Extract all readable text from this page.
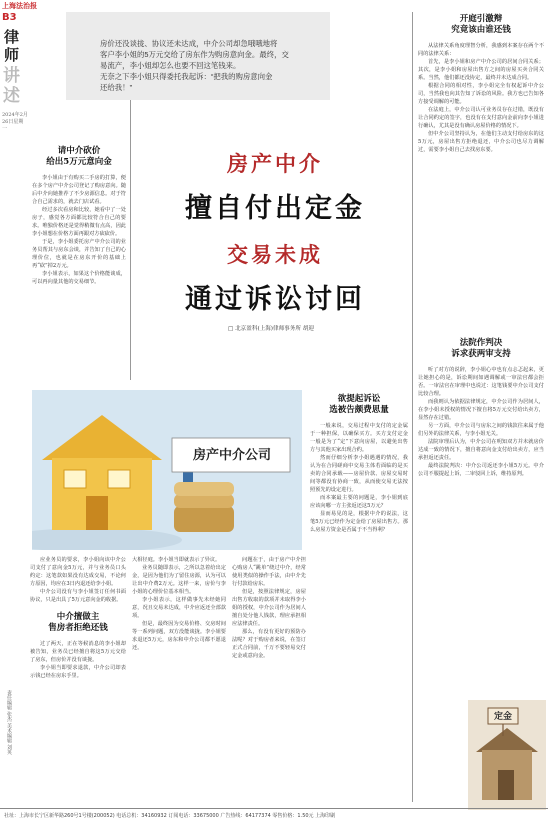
上海法治报
B3
律师
讲述
2024年2月26日星期一
房价还没谈拢、协议还未达成，中介公司却急哦哦地将
客户李小姐的5万元交给了房东作为购房意向金。最终，交
易流产，李小姐却怎么也要不回这笔钱来。
无奈之下李小姐只得委托我起诉：“把我的购房意向金
还给我！”
房产中介
擅自付出定金
交易未成
通过诉讼讨回
□ 北京盈科(上海)律师事务所 胡迎
请中介砍价
给出5万元意向金
李小姐由于有购买二手房的打算，便在多个房产中介公司登记了购房意向。随后中介向她推荐了不少房源信息。对于符合自己需求的，就去门店试看。
经过多次看房和比较，她看中了一处房子，感觉各方面都比较符合自己的要求。唯独价格还是觉得稍微有点高，因此李小姐想在价格方面再跟对方砍砍价。
于是，李小姐委托房产中介公司的业务员帮其与房东会谈，并告知了自己的心理价位，也就是在房东开价的基础上再“砍”掉2万元。
李小姐表示，如果这个价格能谈成，可以再向量其他的交易细节。
房产中介公司
欲提起诉讼
选被告颇费思量
一般来说，交易过程中支付的定金属于一种担保，以确保买方。买方支付定金一般是为了“定”下意向房屋，以避免出售方与其他买家出现合约。
然而仔细分析李小姐遇遇的情况，我认为在合同磋商中交易主体若面临的是买卖的合同承载——房屋价款、房屋交易时间等都没有协商一致，从而使交易无法按照预先的设定进行。
而本案最主要的问题是，李小姐到底应该向哪一方主张返还这5万元？
显而易见的是，根据中介的说法，这笔5万元已经作为定金给了房屋出售方。那么房屋方资金是否属于不当得利？
开庭引激辩
究竟该由谁还钱
从法律关系角度理智分析，我感到本案存在两个不同的法律关系：
首先，是李小姐和房产中介公司的居间合同关系；其次，是李小姐和房屋出售方之间的房屋买卖合同关系。当然，他们都还没协定，最终并未达成合同。
根据合同的相对性，李小姐完全有权起诉中介公司，当然我也向其告知了诉讼的风险。我方也已告知各方接受调解的可能。
在法庭上，中介公司认可业务员存在过错，既没有让合同约定的签字，也没有在支付意向金前向李小姐进行确认，尤其是没有确认房屋价格的情况下。
但中介公司坚持认为，在他们主动支付给房东的这5万元，房屋出售方拒绝退还，中介公司也尽力调解过，需要李小姐自己去找房东要。
法院作判决
诉求获两审支持
听了对方的说辞，李小姐心中也有点忐忑起来，更让她担心的是，诉讼期间如遇调解或一审法官都会拒否。一审法官在审理中也说过：这笔钱要中介公司支付比较合理。
而我则认为依据法律规定，中介公司作为居间人，在李小姐未授权的情况下擅自将5万元交付给出卖方，显然存在过错。
另一方面，中介公司与房东之间的钱款往来属于他们另外的法律关系，与李小姐无关。
法院审理后认为，中介公司在明知双方并未就房价达成一致的情况下，擅自将意向金支付给出卖方，应当承担返还责任。
最终法院判决：中介公司返还李小姐5万元。中介公司不服提起上诉，二审驳回上诉，维持原判。
应业务员的要求，李小姐向该中介公司支付了意向金5万元，并与业务员口头约定：这笔款如果没有达成交易，不论何方原因，均应在3日内退还给李小姐。
中介公司没有与李小姐签订任何书面协议，只是出具了5万元意向金的收据。
中介擅做主
售房者拒绝还钱
过了两天，正在等候消息的李小姐却被告知，业务员已经擅自将这5万元交给了房东，但房价并没有谈拢。
李小姐当即要求退款，中介公司却表示钱已经在房东手里。
大相径庭。李小姐当即就表示了异议。
业务员随即表示，之所以急着给出定金，是因为他们为了留住房源，认为可以让出中介费2万元。这样一来，房价与李小姐的心理价位基本相当。
李小姐表示，这样做事先未经她同意，况且交易未达成，中介应返还全部款项。
但是，最终因为交易价格、交房时间等一系列问题，双方没能谈拢。李小姐要求退还5万元，房东和中介公司都不愿退还。
问题在于，由于房产中介担心购房人“跳单”绕过中介，经常使用类似的操作手法，由中介先行付款给房东。
但是，按照法律规定，房屋出售方收取的款项并未取得李小姐的授权，中介公司作为居间人擅自处分他人钱款，理应承担相应法律责任。
那么，有没有更好的预防办法呢？对于购房者来说，在签订正式合同前，千万不要轻易交付定金或意向金。
定金
责任编辑 张杰 美术编辑 刘英
社址：上海市长宁区新华路260号1号楼(200052) 电话总机：34160932 订阅电话：33675000 广告热线：64177374 零售价格：1.50元 上海印刷
